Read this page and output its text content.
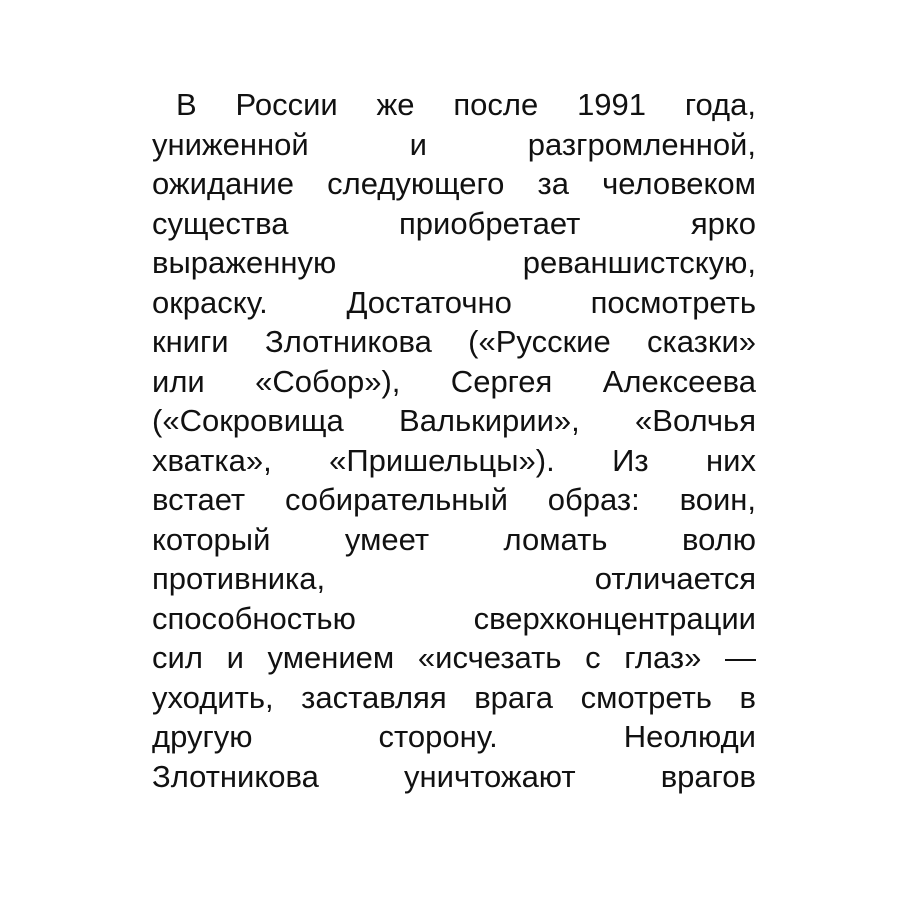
В России же после 1991 года,
униженной и разгромленной,
ожидание следующего за человеком
существа приобретает ярко
выраженную реваншистскую,
окраску. Достаточно посмотреть
книги Злотникова («Русские сказки»
или «Собор»), Сергея Алексеева
(«Сокровища Валькирии», «Волчья
хватка», «Пришельцы»). Из них
встает собирательный образ: воин,
который умеет ломать волю
противника, отличается
способностью сверхконцентрации
сил и умением «исчезать с глаз» —
уходить, заставляя врага смотреть в
другую сторону. Неолюди
Злотникова уничтожают врагов
